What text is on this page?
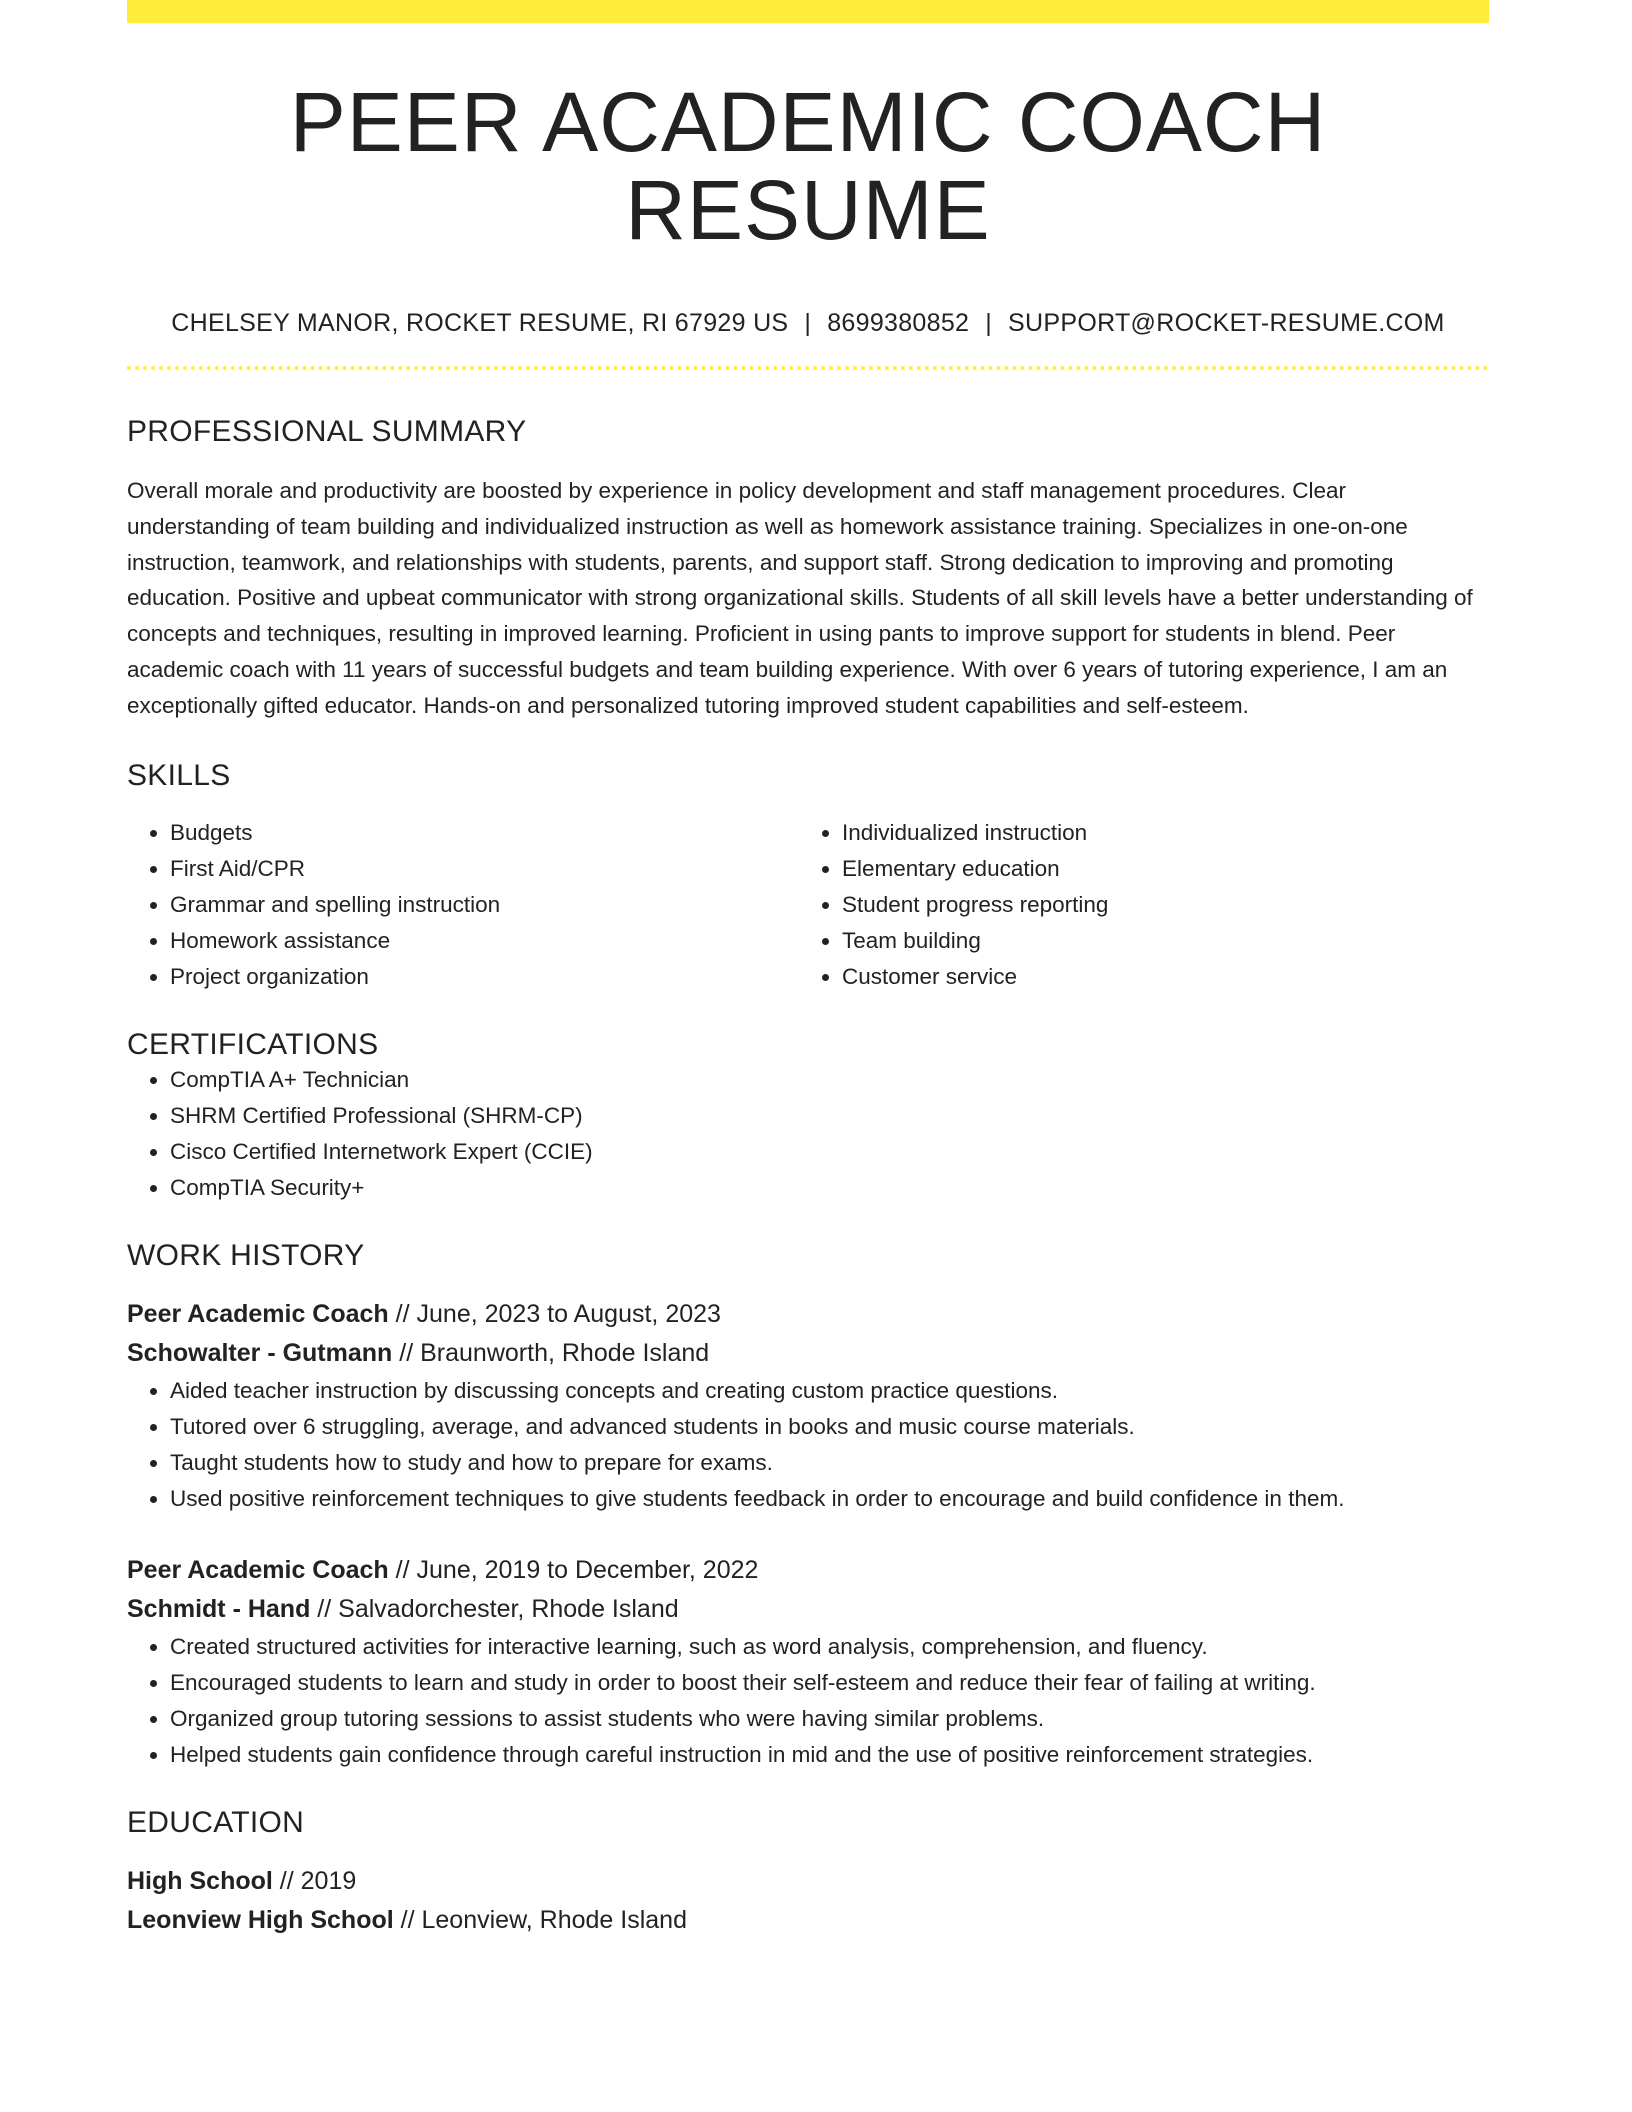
PEER ACADEMIC COACH RESUME
CHELSEY MANOR, ROCKET RESUME, RI 67929 US | 8699380852 | SUPPORT@ROCKET-RESUME.COM
PROFESSIONAL SUMMARY
Overall morale and productivity are boosted by experience in policy development and staff management procedures. Clear understanding of team building and individualized instruction as well as homework assistance training. Specializes in one-on-one instruction, teamwork, and relationships with students, parents, and support staff. Strong dedication to improving and promoting education. Positive and upbeat communicator with strong organizational skills. Students of all skill levels have a better understanding of concepts and techniques, resulting in improved learning. Proficient in using pants to improve support for students in blend. Peer academic coach with 11 years of successful budgets and team building experience. With over 6 years of tutoring experience, I am an exceptionally gifted educator. Hands-on and personalized tutoring improved student capabilities and self-esteem.
SKILLS
• Budgets
• First Aid/CPR
• Grammar and spelling instruction
• Homework assistance
• Project organization
• Individualized instruction
• Elementary education
• Student progress reporting
• Team building
• Customer service
CERTIFICATIONS
• CompTIA A+ Technician
• SHRM Certified Professional (SHRM-CP)
• Cisco Certified Internetwork Expert (CCIE)
• CompTIA Security+
WORK HISTORY
Peer Academic Coach // June, 2023 to August, 2023
Schowalter - Gutmann // Braunworth, Rhode Island
• Aided teacher instruction by discussing concepts and creating custom practice questions.
• Tutored over 6 struggling, average, and advanced students in books and music course materials.
• Taught students how to study and how to prepare for exams.
• Used positive reinforcement techniques to give students feedback in order to encourage and build confidence in them.
Peer Academic Coach // June, 2019 to December, 2022
Schmidt - Hand // Salvadorchester, Rhode Island
• Created structured activities for interactive learning, such as word analysis, comprehension, and fluency.
• Encouraged students to learn and study in order to boost their self-esteem and reduce their fear of failing at writing.
• Organized group tutoring sessions to assist students who were having similar problems.
• Helped students gain confidence through careful instruction in mid and the use of positive reinforcement strategies.
EDUCATION
High School // 2019
Leonview High School // Leonview, Rhode Island
